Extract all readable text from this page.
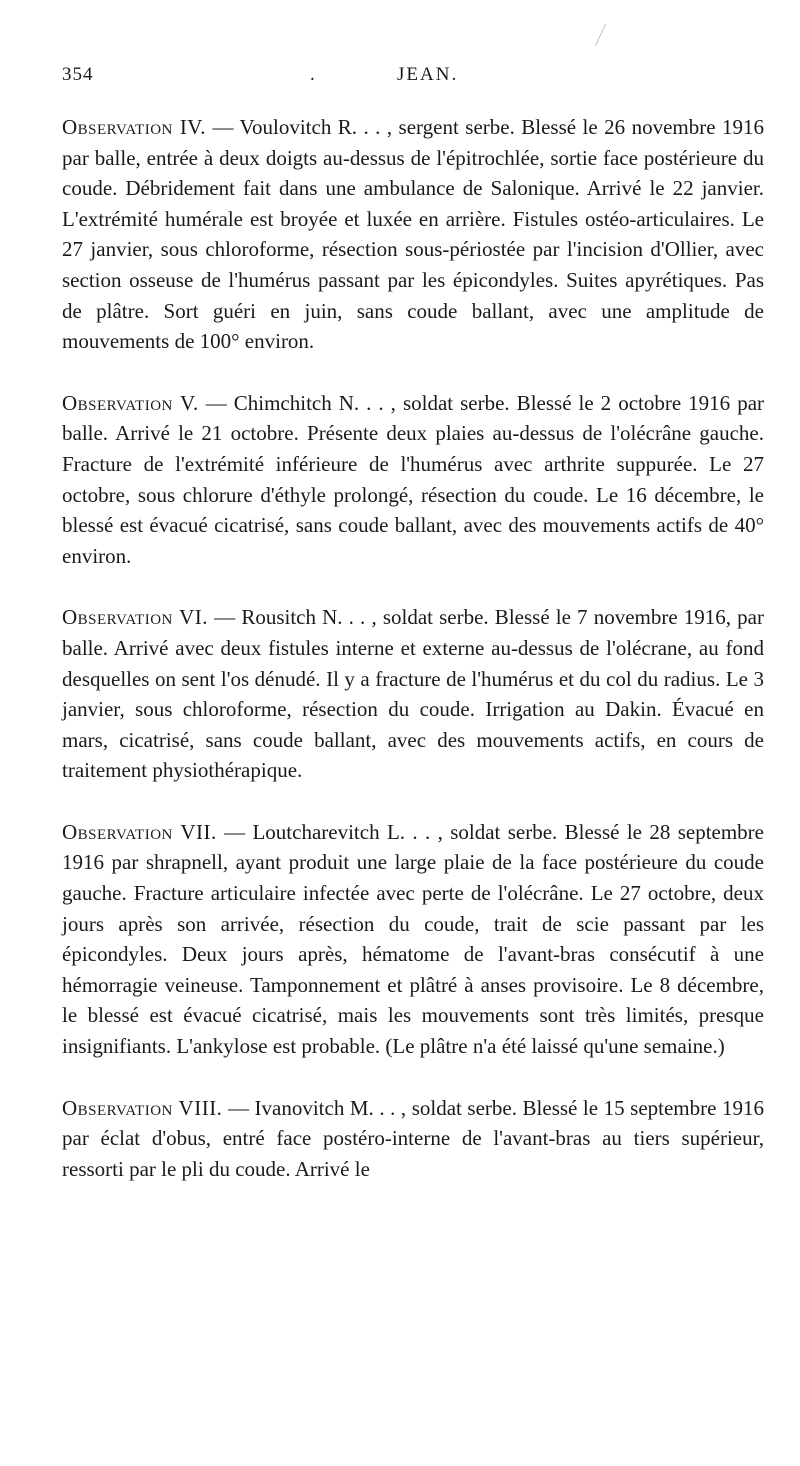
354	.	JEAN.

Observation IV. — Voulovitch R. . . , sergent serbe. Blessé le 26 novembre 1916 par balle, entrée à deux doigts au-dessus de l'épitrochlée, sortie face postérieure du coude. Débridement fait dans une ambulance de Salonique. Arrivé le 22 janvier. L'extrémité humérale est broyée et luxée en arrière. Fistules ostéo-articulaires. Le 27 janvier, sous chloroforme, résection sous-périostée par l'incision d'Ollier, avec section osseuse de l'humérus passant par les épicondyles. Suites apyrétiques. Pas de plâtre. Sort guéri en juin, sans coude ballant, avec une amplitude de mouvements de 100° environ.

Observation V. — Chimchitch N. . . , soldat serbe. Blessé le 2 octobre 1916 par balle. Arrivé le 21 octobre. Présente deux plaies au-dessus de l'olécrâne gauche. Fracture de l'extrémité inférieure de l'humérus avec arthrite suppurée. Le 27 octobre, sous chlorure d'éthyle prolongé, résection du coude. Le 16 décembre, le blessé est évacué cicatrisé, sans coude ballant, avec des mouvements actifs de 40° environ.

Observation VI. — Rousitch N. . . , soldat serbe. Blessé le 7 novembre 1916, par balle. Arrivé avec deux fistules interne et externe au-dessus de l'olécrane, au fond desquelles on sent l'os dénudé. Il y a fracture de l'humérus et du col du radius. Le 3 janvier, sous chloroforme, résection du coude. Irrigation au Dakin. Évacué en mars, cicatrisé, sans coude ballant, avec des mouvements actifs, en cours de traitement physiothérapique.

Observation VII. — Loutcharevitch L. . . , soldat serbe. Blessé le 28 septembre 1916 par shrapnell, ayant produit une large plaie de la face postérieure du coude gauche. Fracture articulaire infectée avec perte de l'olécrâne. Le 27 octobre, deux jours après son arrivée, résection du coude, trait de scie passant par les épicondyles. Deux jours après, hématome de l'avant-bras consécutif à une hémorragie veineuse. Tamponnement et plâtré à anses provisoire. Le 8 décembre, le blessé est évacué cicatrisé, mais les mouvements sont très limités, presque insignifiants. L'ankylose est probable. (Le plâtre n'a été laissé qu'une semaine.)

Observation VIII. — Ivanovitch M. . . , soldat serbe. Blessé le 15 septembre 1916 par éclat d'obus, entré face postéro-interne de l'avant-bras au tiers supérieur, ressorti par le pli du coude. Arrivé le
